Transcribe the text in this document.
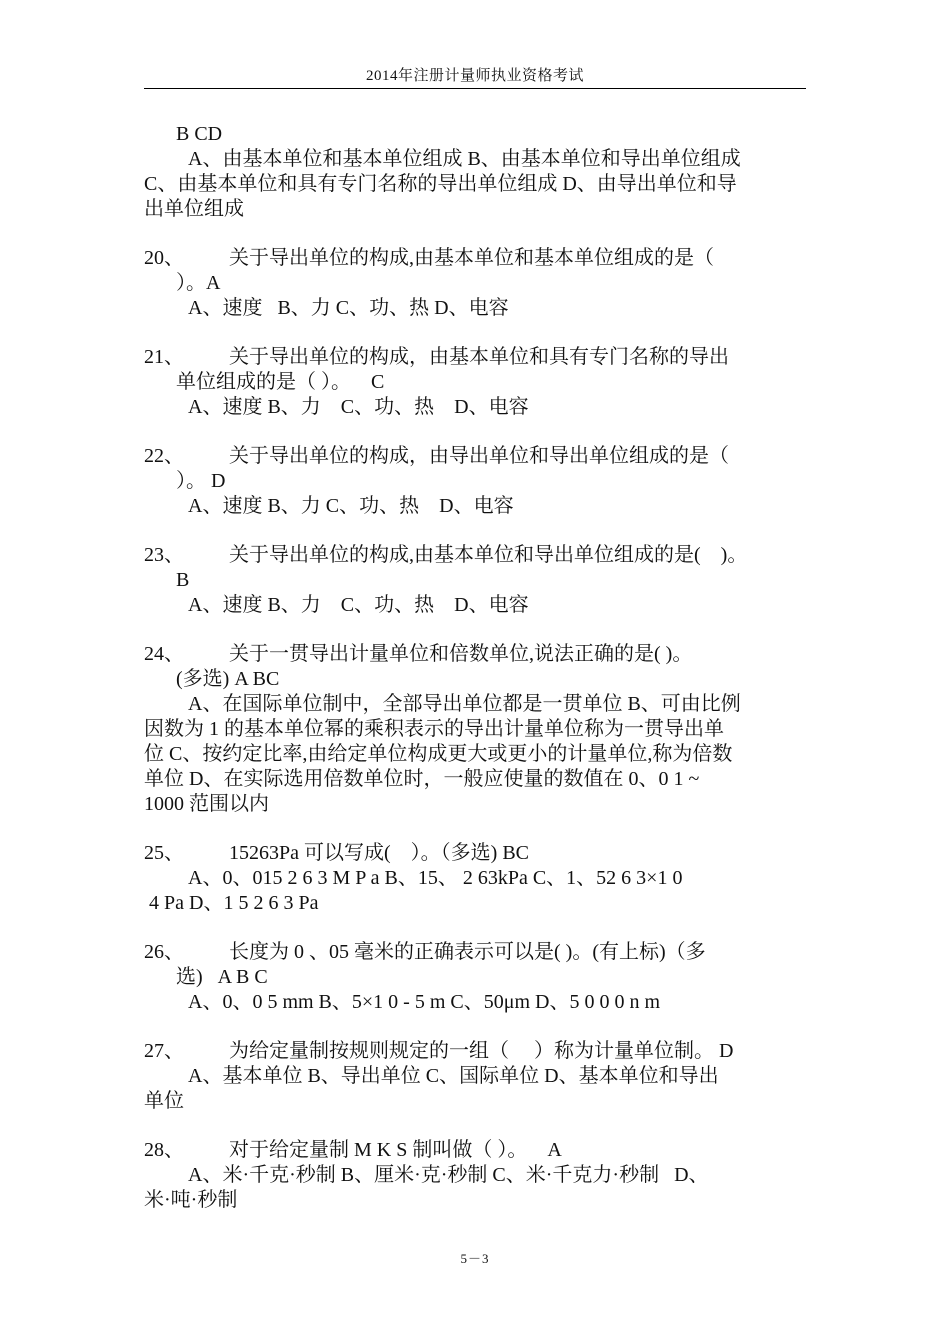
2014年注册计量师执业资格考试

B CD

A、由基本单位和基本单位组成 B、由基本单位和导出单位组成

C、由基本单位和具有专门名称的导出单位组成 D、由导出单位和导

出单位组成

20、         关于导出单位的构成,由基本单位和基本单位组成的是（

）。A

A、速度   B、力 C、功、热 D、电容

21、         关于导出单位的构成，由基本单位和具有专门名称的导出

单位组成的是（ ）。    C

A、速度 B、力    C、功、热    D、电容

22、         关于导出单位的构成，由导出单位和导出单位组成的是（

）。 D

A、速度 B、力 C、功、热    D、电容

23、         关于导出单位的构成,由基本单位和导出单位组成的是(    )。

B

A、速度 B、力    C、功、热    D、电容

24、         关于一贯导出计量单位和倍数单位,说法正确的是( )。

(多选) A BC

A、在国际单位制中，全部导出单位都是一贯单位 B、可由比例

因数为 1 的基本单位幂的乘积表示的导出计量单位称为一贯导出单

位 C、按约定比率,由给定单位构成更大或更小的计量单位,称为倍数

单位 D、在实际选用倍数单位时，一般应使量的数值在 0、0 1 ~

1000 范围以内

25、         15263Pa 可以写成(    ）。（多选) BC

A、0、015 2 6 3 M P a B、15、 2 63kPa C、1、52 6 3×1 0

4 Pa D、1 5 2 6 3 Pa

26、         长度为 0 、05 毫米的正确表示可以是( )。(有上标)（多

选)   A B C

A、0、0 5 mm B、5×1 0 - 5 m C、50μm D、5 0 0 0 n m

27、         为给定量制按规则规定的一组（     ）称为计量单位制。 D

A、基本单位 B、导出单位 C、国际单位 D、基本单位和导出

单位

28、         对于给定量制 M K S 制叫做（ ）。    A

A、米·千克·秒制 B、厘米·克·秒制 C、米·千克力·秒制   D、

米·吨·秒制

5－3
